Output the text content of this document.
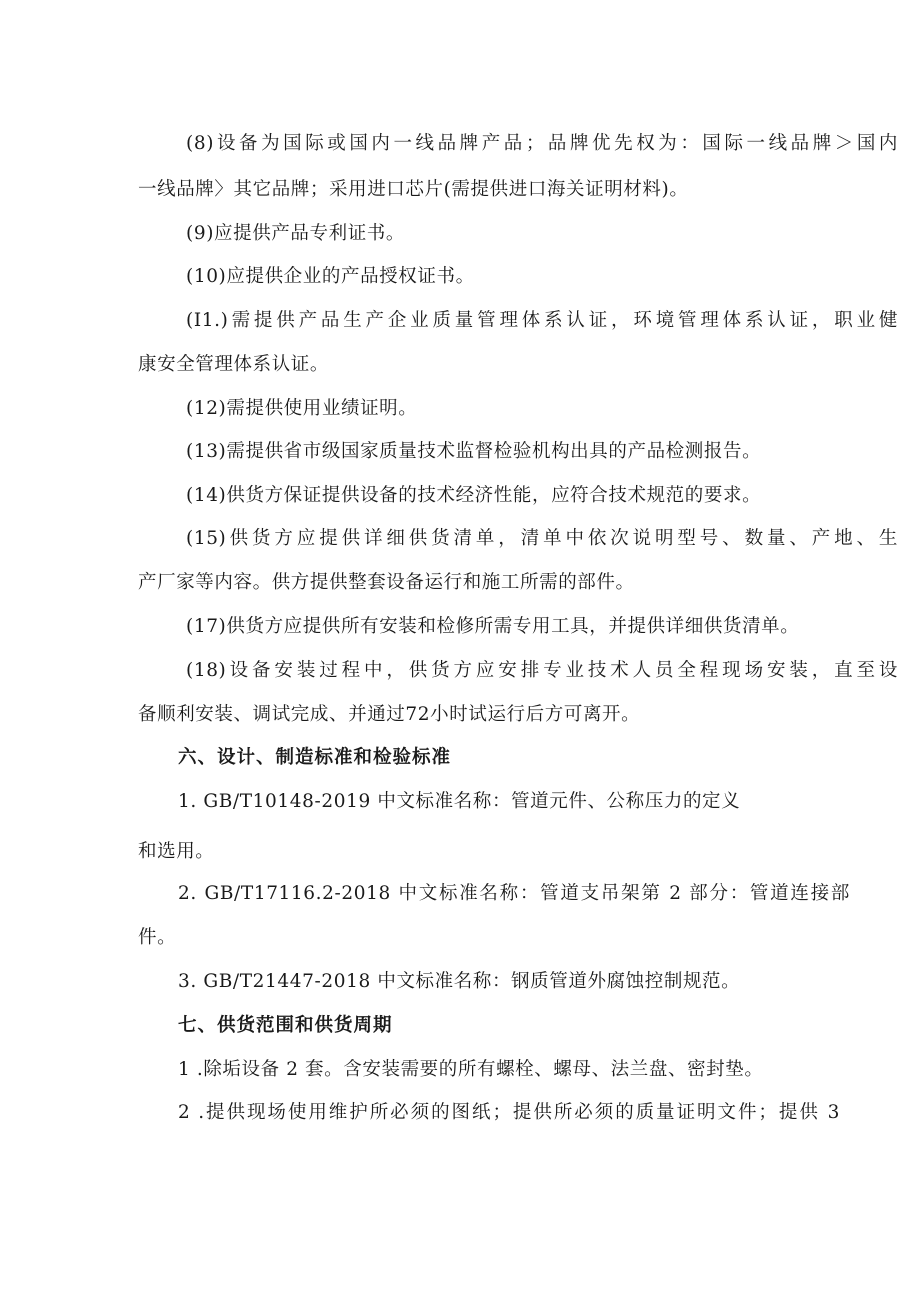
(8)设备为国际或国内一线品牌产品；品牌优先权为：国际一线品牌＞国内
一线品牌〉其它品牌；采用进口芯片(需提供进口海关证明材料)。
(9)应提供产品专利证书。
(10)应提供企业的产品授权证书。
(I1.)需提供产品生产企业质量管理体系认证，环境管理体系认证，职业健
康安全管理体系认证。
(12)需提供使用业绩证明。
(13)需提供省市级国家质量技术监督检验机构出具的产品检测报告。
(14)供货方保证提供设备的技术经济性能，应符合技术规范的要求。
(15)供货方应提供详细供货清单，清单中依次说明型号、数量、产地、生
产厂家等内容。供方提供整套设备运行和施工所需的部件。
(17)供货方应提供所有安装和检修所需专用工具，并提供详细供货清单。
(18)设备安装过程中，供货方应安排专业技术人员全程现场安装，直至设
备顺利安装、调试完成、并通过72小时试运行后方可离开。
六、设计、制造标准和检验标准
1. GB/T10148-2019 中文标准名称：管道元件、公称压力的定义
和选用。
2. GB/T17116.2-2018 中文标准名称：管道支吊架第 2 部分：管道连接部
件。
3. GB/T21447-2018 中文标准名称：钢质管道外腐蚀控制规范。
七、供货范围和供货周期
1 .除垢设备 2 套。含安装需要的所有螺栓、螺母、法兰盘、密封垫。
2 .提供现场使用维护所必须的图纸；提供所必须的质量证明文件；提供 3
